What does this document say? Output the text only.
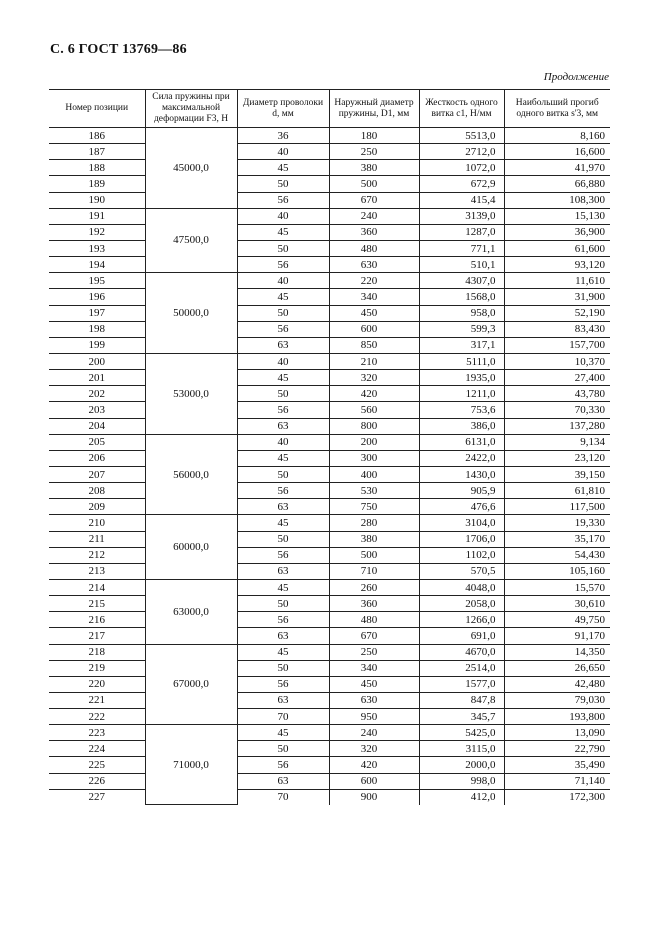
С. 6 ГОСТ 13769—86
Продолжение
Номер позиции	Сила пружины при максимальной деформации F3, Н	Диаметр проволоки d, мм	Наружный диаметр пружины, D1, мм	Жесткость одного витка c1, Н/мм	Наибольший прогиб одного витка s'3, мм
186	45000,0	36	180	5513,0	8,160
187		40	250	2712,0	16,600
188		45	380	1072,0	41,970
189		50	500	672,9	66,880
190		56	670	415,4	108,300
191	47500,0	40	240	3139,0	15,130
192		45	360	1287,0	36,900
193		50	480	771,1	61,600
194		56	630	510,1	93,120
195	50000,0	40	220	4307,0	11,610
196		45	340	1568,0	31,900
197		50	450	958,0	52,190
198		56	600	599,3	83,430
199		63	850	317,1	157,700
200	53000,0	40	210	5111,0	10,370
201		45	320	1935,0	27,400
202		50	420	1211,0	43,780
203		56	560	753,6	70,330
204		63	800	386,0	137,280
205	56000,0	40	200	6131,0	9,134
206		45	300	2422,0	23,120
207		50	400	1430,0	39,150
208		56	530	905,9	61,810
209		63	750	476,6	117,500
210	60000,0	45	280	3104,0	19,330
211		50	380	1706,0	35,170
212		56	500	1102,0	54,430
213		63	710	570,5	105,160
214	63000,0	45	260	4048,0	15,570
215		50	360	2058,0	30,610
216		56	480	1266,0	49,750
217		63	670	691,0	91,170
218	67000,0	45	250	4670,0	14,350
219		50	340	2514,0	26,650
220		56	450	1577,0	42,480
221		63	630	847,8	79,030
222		70	950	345,7	193,800
223	71000,0	45	240	5425,0	13,090
224		50	320	3115,0	22,790
225		56	420	2000,0	35,490
226		63	600	998,0	71,140
227		70	900	412,0	172,300
